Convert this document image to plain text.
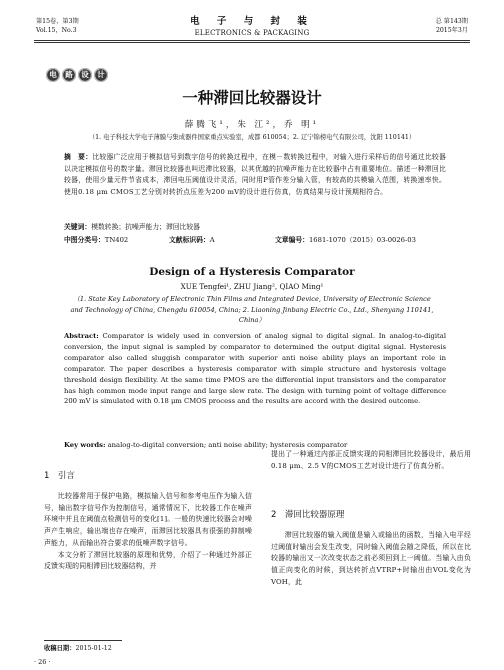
第15卷，第3期
Vol.15，No.3
电 子 与 封 装
ELECTRONICS & PACKAGING
总 第143期
2015年3月
电	路	设	计
一种滞回比较器设计
薛腾飞¹，朱 江²，乔 明¹
（1. 电子科技大学电子薄膜与集成器件国家重点实验室，成都 610054；2. 辽宁锦榜电气有限公司，沈阳 110141）
摘　要：比较器广泛应用于模拟信号到数字信号的转换过程中，在模－数转换过程中，对输入进行采样后的信号通过比较器以决定模拟信号的数字量。滞回比较器也叫迟滞比较器，以其优越的抗噪声能力在比较器中占有重要地位。描述一种滞回比较器，使用少量元件节省成本，滞回电压阈值设计灵活，同时用P管作差分输入管，有较高的共模输入范围，转换速率快。使用0.18 μm CMOS工艺分别对转折点压差为200 mV的设计进行仿真，仿真结果与设计预期相符合。
关键词：模数转换；抗噪声能力；滞回比较器
中图分类号：TN402	文献标识码：A	文章编号：1681-1070（2015）03-0026-03
Design of a Hysteresis Comparator
XUE Tengfei¹, ZHU Jiang², QIAO Ming¹
（1. State Key Laboratory of Electronic Thin Films and Integrated Device, University of Electronic Science and Technology of China, Chengdu 610054, China; 2. Liaoning Jinbang Electric Co., Ltd., Shenyang 110141, China）
Abstract: Comparator is widely used in conversion of analog signal to digital signal. In analog-to-digital conversion, the input signal is sampled by comparator to determined the output digital signal. Hysteresis comparator also called sluggish comparator with superior anti noise ability plays an important role in comparator. The paper describes a hysteresis comparator with simple structure and hysteresis voltage threshold design flexibility. At the same time PMOS are the differential input transistors and the comparator has high common mode input range and large slew rate. The design with turning point of voltage difference 200 mV is simulated with 0.18 μm CMOS process and the results are accord with the desired outcome.
Key words: analog-to-digital conversion; anti noise ability; hysteresis comparator
1　引言

比较器常用于保护电路，模拟输入信号和参考电压作为输入信号，输出数字信号作为控制信号，通常情况下，比较器工作在噪声环境中并且在阈值点检测信号的变化[1]。一般的快速比较器会对噪声产生响应，输出端也存在噪声，而滞回比较器具有很强的抑制噪声能力，从而输出符合要求的低噪声数字信号。

本文分析了滞回比较器的原理和优势，介绍了一种通过外部正反馈实现的同相滞回比较器结构，并

提出了一种通过内部正反馈实现的同相滞回比较器设计，最后用0.18 μm、2.5 V的CMOS工艺对设计进行了仿真分析。

2　滞回比较器原理

滞回比较器的输入阈值是输入或输出的函数，当输入电平经过阈值时输出会发生改变，同时输入阈值会随之降低，所以在比较器的输出又一次改变状态之前必须回到上一阈值。当输入由负值正向变化的时候，到达转折点VTRP+时输出由VOL变化为VOH，此

收稿日期：2015-01-12
· 26 ·
